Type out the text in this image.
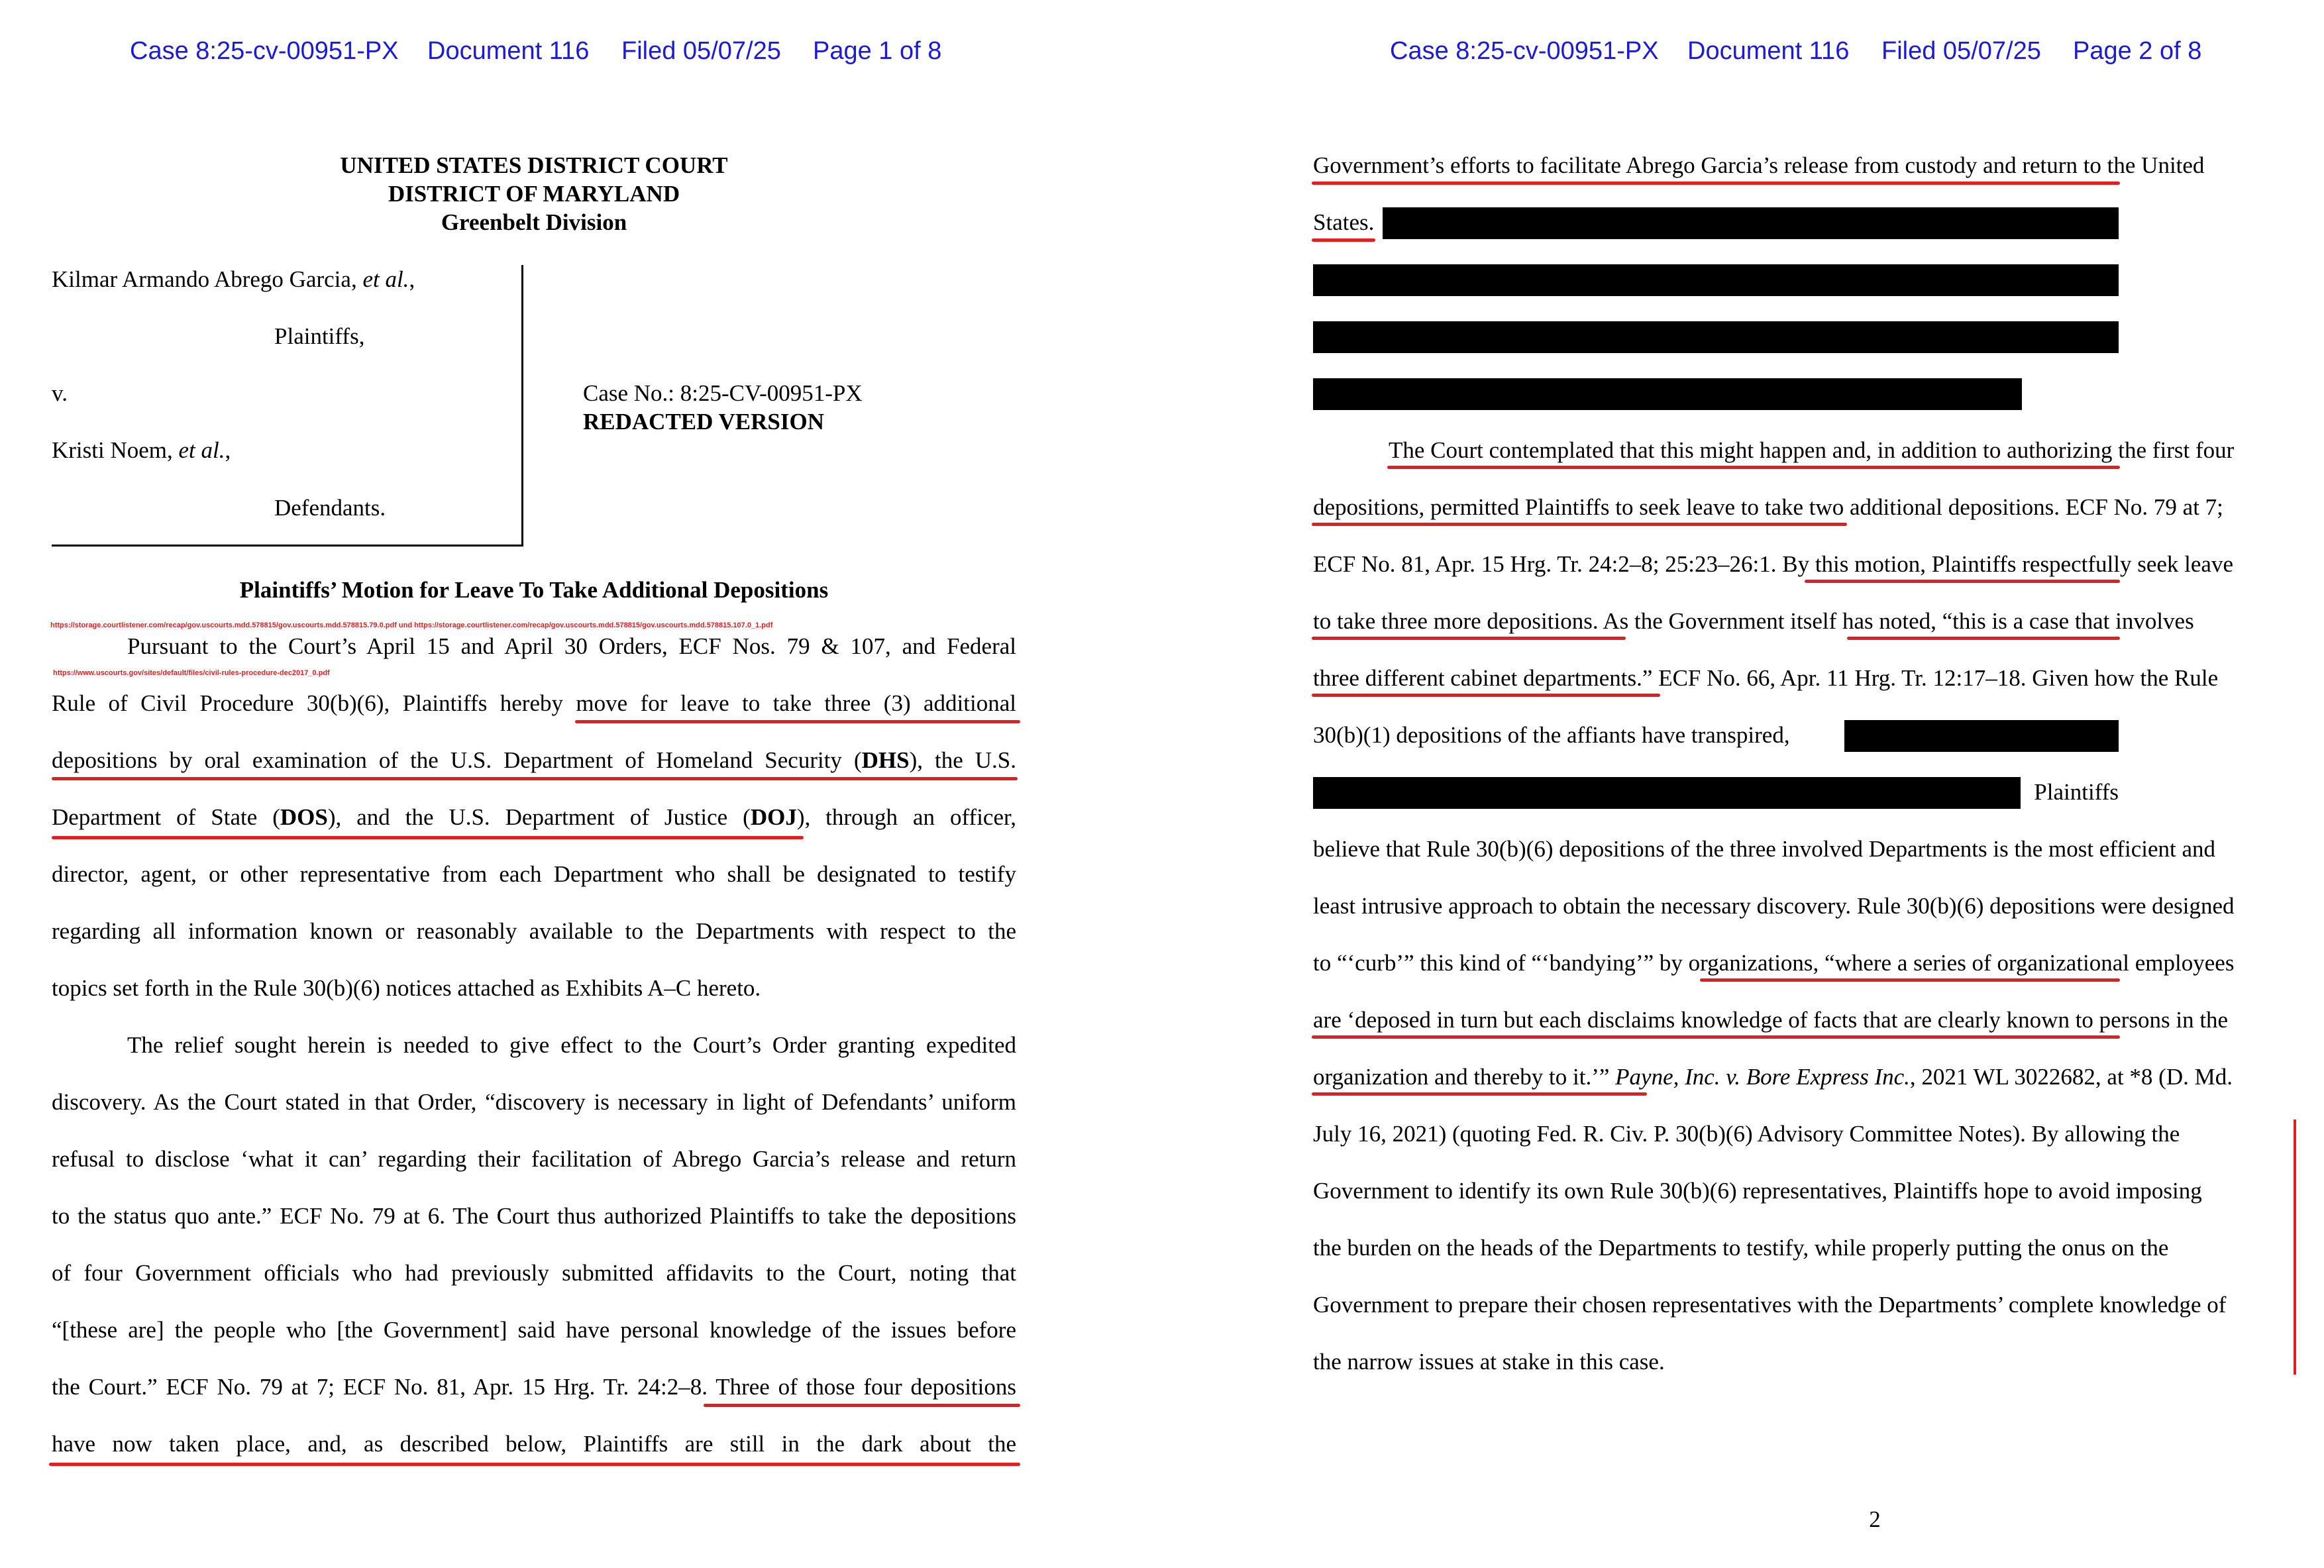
Case 8:25-cv-00951-PX Document 116 Filed 05/07/25 Page 1 of 8
UNITED STATES DISTRICT COURT
DISTRICT OF MARYLAND
Greenbelt Division
Kilmar Armando Abrego Garcia, et al.,
Plaintiffs,
v.
Kristi Noem, et al.,
Defendants.
Case No.: 8:25-CV-00951-PX
REDACTED VERSION
Plaintiffs’ Motion for Leave To Take Additional Depositions
https://storage.courtlistener.com/recap/gov.uscourts.mdd.578815/gov.uscourts.mdd.578815.79.0.pdf und https://storage.courtlistener.com/recap/gov.uscourts.mdd.578815/gov.uscourts.mdd.578815.107.0_1.pdf
https://www.uscourts.gov/sites/default/files/civil-rules-procedure-dec2017_0.pdf
Pursuant to the Court’s April 15 and April 30 Orders, ECF Nos. 79 & 107, and Federal
Rule of Civil Procedure 30(b)(6), Plaintiffs hereby move for leave to take three (3) additional
depositions by oral examination of the U.S. Department of Homeland Security (DHS), the U.S.
Department of State (DOS), and the U.S. Department of Justice (DOJ), through an officer,
director, agent, or other representative from each Department who shall be designated to testify
regarding all information known or reasonably available to the Departments with respect to the
topics set forth in the Rule 30(b)(6) notices attached as Exhibits A–C hereto.
The relief sought herein is needed to give effect to the Court’s Order granting expedited
discovery. As the Court stated in that Order, “discovery is necessary in light of Defendants’ uniform
refusal to disclose ‘what it can’ regarding their facilitation of Abrego Garcia’s release and return
to the status quo ante.” ECF No. 79 at 6. The Court thus authorized Plaintiffs to take the depositions
of four Government officials who had previously submitted affidavits to the Court, noting that
“[these are] the people who [the Government] said have personal knowledge of the issues before
the Court.” ECF No. 79 at 7; ECF No. 81, Apr. 15 Hrg. Tr. 24:2–8. Three of those four depositions
have now taken place, and, as described below, Plaintiffs are still in the dark about the
Case 8:25-cv-00951-PX Document 116 Filed 05/07/25 Page 2 of 8
Government’s efforts to facilitate Abrego Garcia’s release from custody and return to the United
States.
The Court contemplated that this might happen and, in addition to authorizing the first four
depositions, permitted Plaintiffs to seek leave to take two additional depositions. ECF No. 79 at 7;
ECF No. 81, Apr. 15 Hrg. Tr. 24:2–8; 25:23–26:1. By this motion, Plaintiffs respectfully seek leave
to take three more depositions. As the Government itself has noted, “this is a case that involves
three different cabinet departments.” ECF No. 66, Apr. 11 Hrg. Tr. 12:17–18. Given how the Rule
30(b)(1) depositions of the affiants have transpired,
Plaintiffs
believe that Rule 30(b)(6) depositions of the three involved Departments is the most efficient and
least intrusive approach to obtain the necessary discovery. Rule 30(b)(6) depositions were designed
to “‘curb’” this kind of “‘bandying’” by organizations, “where a series of organizational employees
are ‘deposed in turn but each disclaims knowledge of facts that are clearly known to persons in the
organization and thereby to it.’” Payne, Inc. v. Bore Express Inc., 2021 WL 3022682, at *8 (D. Md.
July 16, 2021) (quoting Fed. R. Civ. P. 30(b)(6) Advisory Committee Notes). By allowing the
Government to identify its own Rule 30(b)(6) representatives, Plaintiffs hope to avoid imposing
the burden on the heads of the Departments to testify, while properly putting the onus on the
Government to prepare their chosen representatives with the Departments’ complete knowledge of
the narrow issues at stake in this case.
2
